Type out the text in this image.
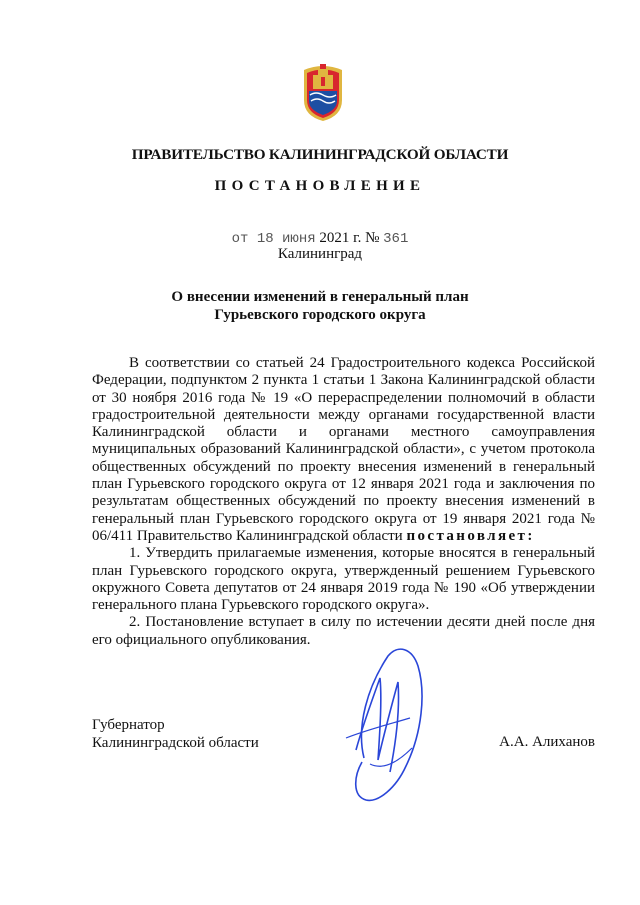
ПРАВИТЕЛЬСТВО КАЛИНИНГРАДСКОЙ ОБЛАСТИ
ПОСТАНОВЛЕНИЕ
от 18 июня 2021 г. № 361
Калининград
О внесении изменений в генеральный план
Гурьевского городского округа

В соответствии со статьей 24 Градостроительного кодекса Российской Федерации, подпунктом 2 пункта 1 статьи 1 Закона Калининградской области от 30 ноября 2016 года № 19 «О перераспределении полномочий в области градостроительной деятельности между органами государственной власти Калининградской области и органами местного самоуправления муниципальных образований Калининградской области», с учетом протокола общественных обсуждений по проекту внесения изменений в генеральный план Гурьевского городского округа от 12 января 2021 года и заключения по результатам общественных обсуждений по проекту внесения изменений в генеральный план Гурьевского городского округа от 19 января 2021 года № 06/411 Правительство Калининградской области постановляет:

1. Утвердить прилагаемые изменения, которые вносятся в генеральный план Гурьевского городского округа, утвержденный решением Гурьевского окружного Совета депутатов от 24 января 2019 года № 190 «Об утверждении генерального плана Гурьевского городского округа».

2. Постановление вступает в силу по истечении десяти дней после дня его официального опубликования.

Губернатор
Калининградской области	А.А. Алиханов
